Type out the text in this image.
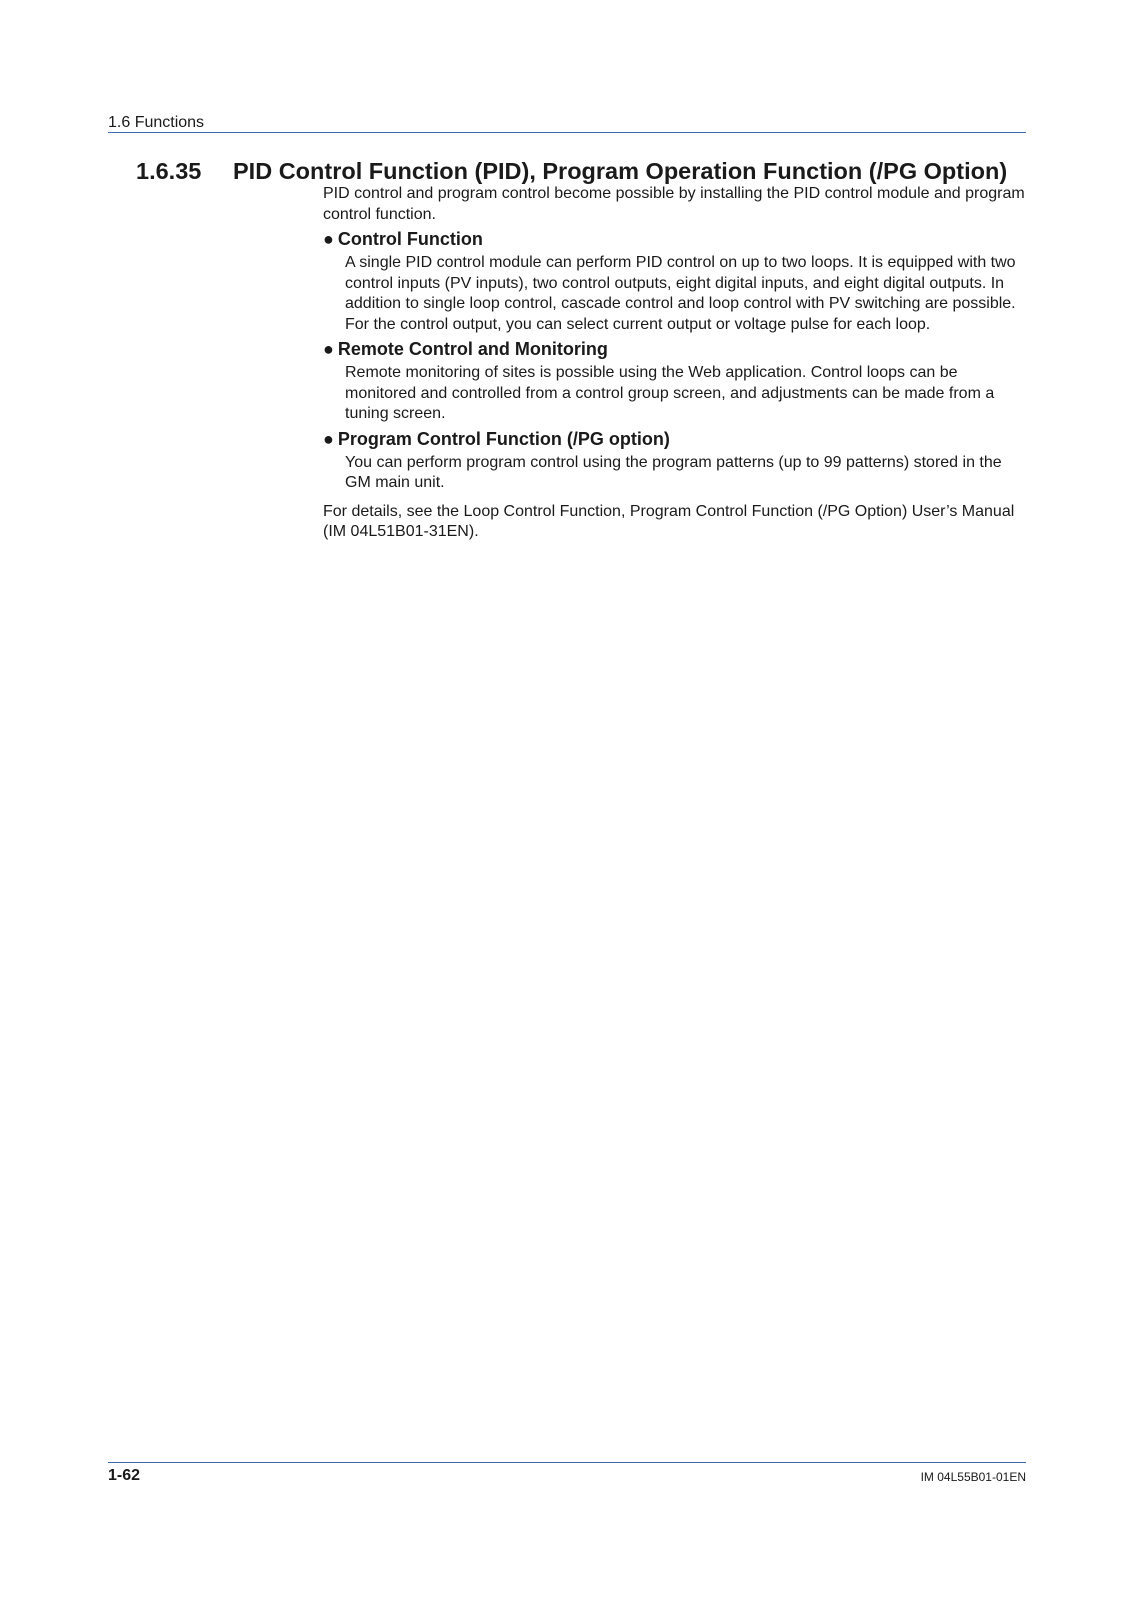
1.6 Functions
1.6.35 PID Control Function (PID), Program Operation Function (/PG Option)

PID control and program control become possible by installing the PID control module and program control function.

● Control Function

A single PID control module can perform PID control on up to two loops. It is equipped with two control inputs (PV inputs), two control outputs, eight digital inputs, and eight digital outputs. In addition to single loop control, cascade control and loop control with PV switching are possible. For the control output, you can select current output or voltage pulse for each loop.

● Remote Control and Monitoring

Remote monitoring of sites is possible using the Web application. Control loops can be monitored and controlled from a control group screen, and adjustments can be made from a tuning screen.

● Program Control Function (/PG option)

You can perform program control using the program patterns (up to 99 patterns) stored in the GM main unit.

For details, see the Loop Control Function, Program Control Function (/PG Option) User’s Manual (IM 04L51B01-31EN).

1-62	IM 04L55B01-01EN
